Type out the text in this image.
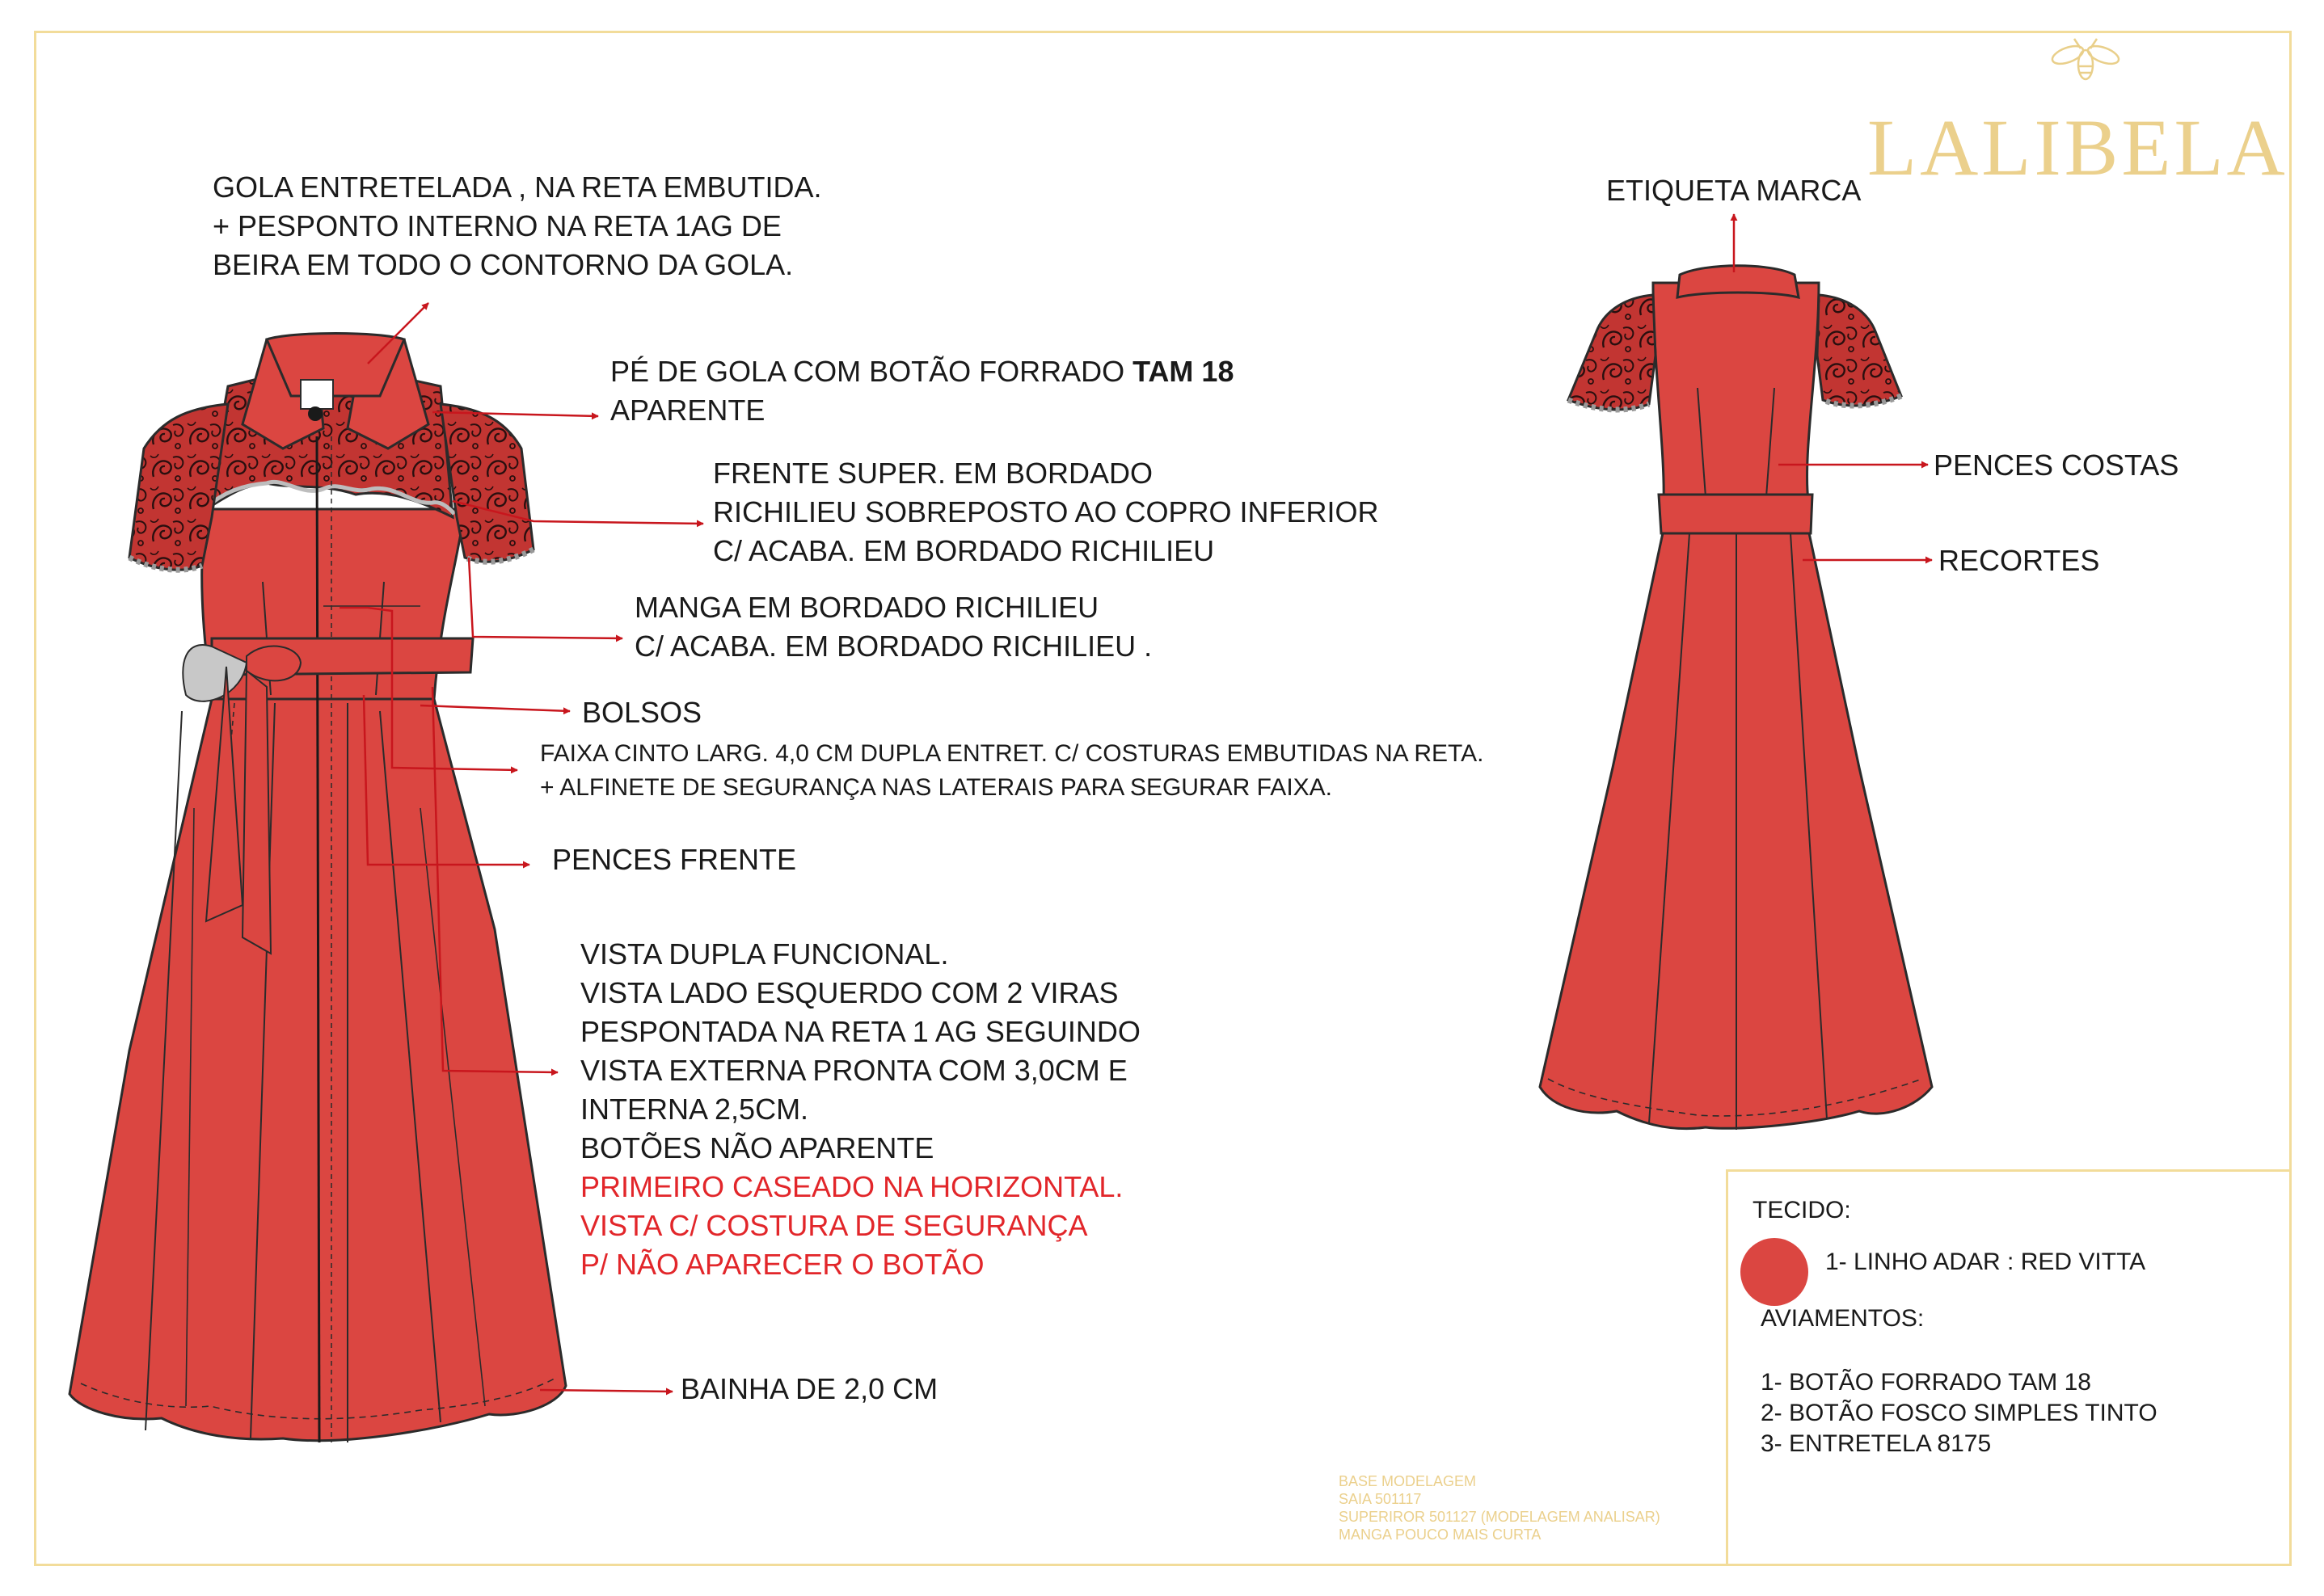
LALIBELA
GOLA ENTRETELADA , NA RETA EMBUTIDA.
+ PESPONTO INTERNO NA RETA 1AG DE
BEIRA EM TODO O CONTORNO DA GOLA.
PÉ DE GOLA COM BOTÃO FORRADO TAM 18
APARENTE
FRENTE SUPER. EM BORDADO
RICHILIEU SOBREPOSTO AO COPRO INFERIOR
C/ ACABA. EM BORDADO RICHILIEU
MANGA EM BORDADO RICHILIEU
C/ ACABA. EM BORDADO RICHILIEU .
BOLSOS
FAIXA CINTO LARG. 4,0 CM DUPLA ENTRET. C/ COSTURAS EMBUTIDAS NA RETA.
+ ALFINETE DE SEGURANÇA NAS LATERAIS PARA SEGURAR FAIXA.
PENCES FRENTE
VISTA DUPLA FUNCIONAL.
VISTA LADO ESQUERDO COM 2 VIRAS
PESPONTADA NA RETA 1 AG SEGUINDO
VISTA EXTERNA PRONTA COM 3,0CM E
INTERNA 2,5CM.
BOTÕES NÃO APARENTE
PRIMEIRO CASEADO NA HORIZONTAL.
VISTA C/ COSTURA DE SEGURANÇA
P/ NÃO APARECER O BOTÃO
BAINHA DE 2,0 CM
ETIQUETA MARCA
PENCES COSTAS
RECORTES
BASE MODELAGEM
SAIA 501117
SUPERIROR 501127 (MODELAGEM ANALISAR)
MANGA POUCO MAIS CURTA
TECIDO:
1- LINHO ADAR : RED VITTA
AVIAMENTOS:
1- BOTÃO FORRADO TAM 18
2- BOTÃO FOSCO SIMPLES TINTO
3- ENTRETELA 8175
